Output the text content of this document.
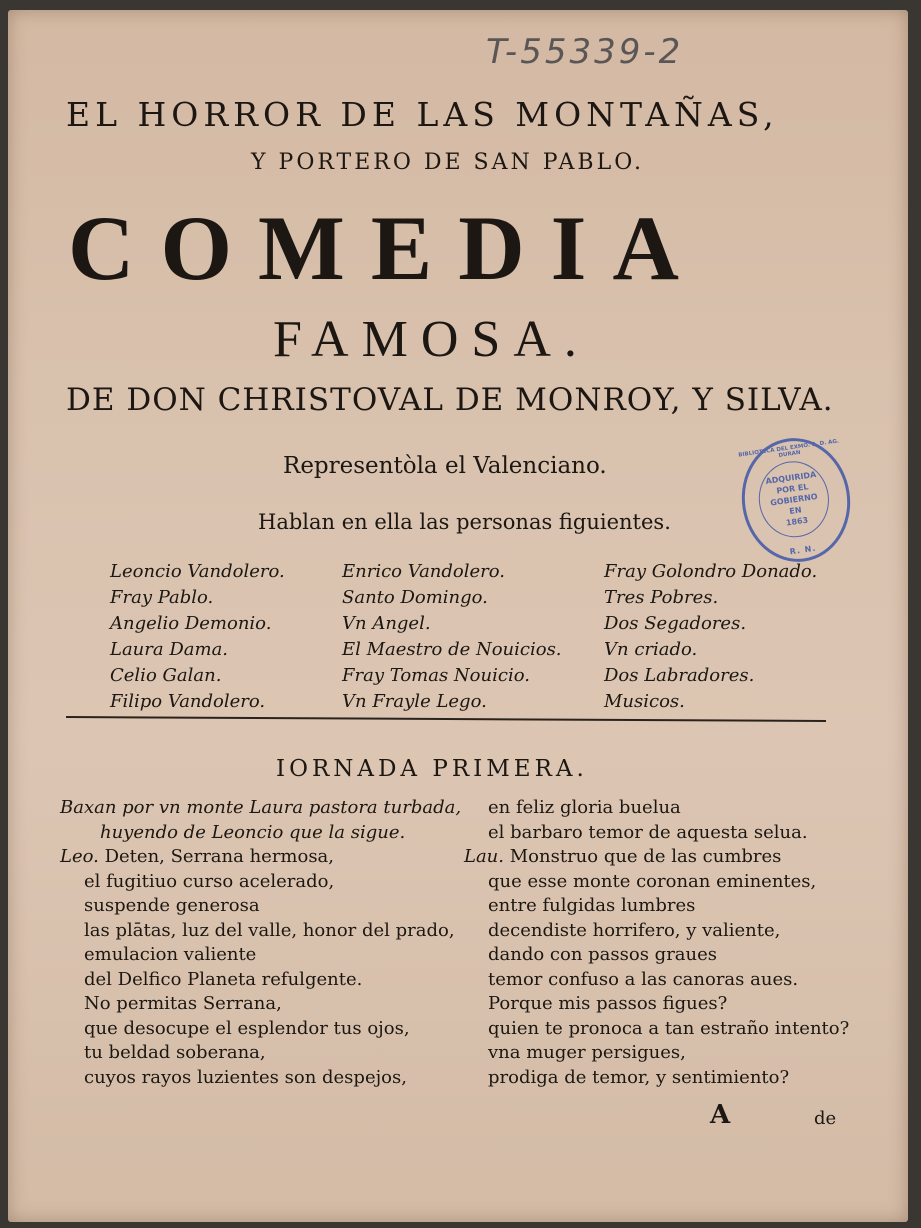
T-55339-2
EL HORROR DE LAS MONTAÑAS,
Y PORTERO DE SAN PABLO.
COMEDIA
FAMOSA.
DE DON CHRISTOVAL DE MONROY, Y SILVA.
Representòla el Valenciano.
Hablan en ella las personas figuientes.
BIBLIOTECA DEL EXMO. S. D. AG. DURAN
ADQUIRIDA
POR EL
GOBIERNO
EN
1863
R. N.
Leoncio Vandolero.
Fray Pablo.
Angelio Demonio.
Laura Dama.
Celio Galan.
Filipo Vandolero.
Enrico Vandolero.
Santo Domingo.
Vn Angel.
El Maestro de Nouicios.
Fray Tomas Nouicio.
Vn Frayle Lego.
Fray Golondro Donado.
Tres Pobres.
Dos Segadores.
Vn criado.
Dos Labradores.
Musicos.
IORNADA PRIMERA.
Baxan por vn monte Laura pastora turbada,
huyendo de Leoncio que la sigue.
Leo. Deten, Serrana hermosa,
el fugitiuo curso acelerado,
suspende generosa
las plātas, luz del valle, honor del prado,
emulacion valiente
del Delfico Planeta refulgente.
No permitas Serrana,
que desocupe el esplendor tus ojos,
tu beldad soberana,
cuyos rayos luzientes son despejos,
en feliz gloria buelua
el barbaro temor de aquesta selua.
Lau. Monstruo que de las cumbres
que esse monte coronan eminentes,
entre fulgidas lumbres
decendiste horrifero, y valiente,
dando con passos graues
temor confuso a las canoras aues.
Porque mis passos figues?
quien te pronoca a tan estraño intento?
vna muger persigues,
prodiga de temor, y sentimiento?
A	de
